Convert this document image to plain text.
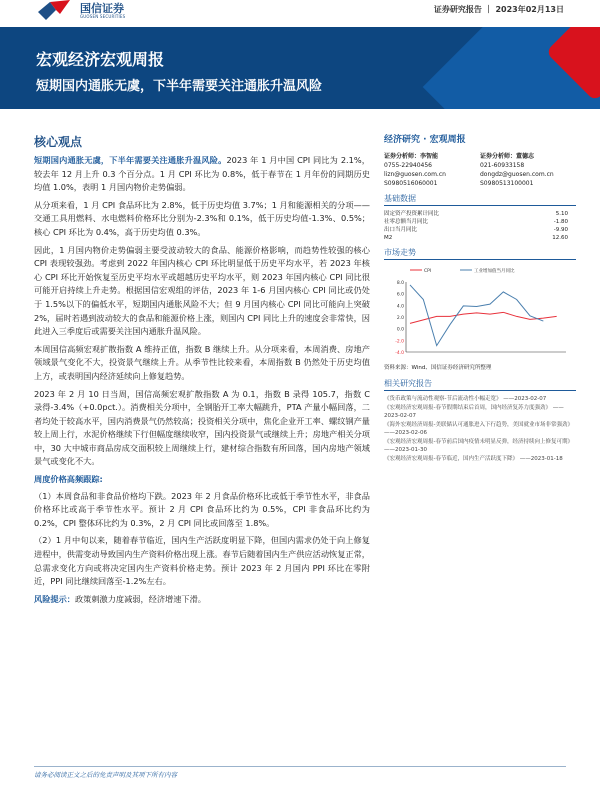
国信证券
GUOSEN SECURITIES
证券研究报告 ｜ 2023年02月13日
宏观经济宏观周报
短期国内通胀无虞，下半年需要关注通胀升温风险
核心观点

短期国内通胀无虞，下半年需要关注通胀升温风险。2023 年 1 月中国 CPI 同比为 2.1%，较去年 12 月上升 0.3 个百分点。1 月 CPI 环比为 0.8%，低于春节在 1 月年份的同期历史均值 1.0%，表明 1 月国内物价走势偏弱。

从分项来看，1 月 CPI 食品环比为 2.8%，低于历史均值 3.7%；1 月和能源相关的分项——交通工具用燃料、水电燃料价格环比分别为-2.3%和 0.1%，低于历史均值-1.3%、0.5%；核心 CPI 环比为 0.4%，高于历史均值 0.3%。

因此，1 月国内物价走势偏弱主要受波动较大的食品、能源价格影响，而趋势性较强的核心 CPI 表现较强劲。考虑到 2022 年国内核心 CPI 环比明显低于历史平均水平，若 2023 年核心 CPI 环比开始恢复至历史平均水平或超越历史平均水平，则 2023 年国内核心 CPI 同比很可能开启持续上升走势。根据国信宏观组的评估，2023 年 1-6 月国内核心 CPI 同比或仍处于 1.5%以下的偏低水平，短期国内通胀风险不大；但 9 月国内核心 CPI 同比可能向上突破 2%，届时若遇到波动较大的食品和能源价格上涨，则国内 CPI 同比上升的速度会非常快，因此进入三季度后或需要关注国内通胀升温风险。

本周国信高频宏观扩散指数 A 维持正值，指数 B 继续上升。从分项来看，本周消费、房地产领域景气变化不大，投资景气继续上升。从季节性比较来看，本周指数 B 仍然处于历史均值上方，或表明国内经济延续向上修复趋势。

2023 年 2 月 10 日当周，国信高频宏观扩散指数 A 为 0.1，指数 B 录得 105.7，指数 C 录得-3.4%（+0.0pct.）。消费相关分项中，全钢胎开工率大幅跳升，PTA 产量小幅回落，二者均处于较高水平，国内消费景气仍然较高；投资相关分项中，焦化企业开工率、螺纹钢产量较上周上行，水泥价格继续下行但幅度继续收窄，国内投资景气或继续上升；房地产相关分项中，30 大中城市商品房成交面积较上周继续上行，建材综合指数有所回落，国内房地产领域景气或变化不大。

周度价格高频跟踪:

（1）本周食品和非食品价格均下跌。2023 年 2 月食品价格环比或低于季节性水平，非食品价格环比或高于季节性水平。预计 2 月 CPI 食品环比约为 0.5%，CPI 非食品环比约为 0.2%，CPI 整体环比约为 0.3%，2 月 CPI 同比或回落至 1.8%。

（2）1 月中旬以来，随着春节临近，国内生产活跃度明显下降，但国内需求仍处于向上修复进程中，供需变动导致国内生产资料价格出现上涨。春节后随着国内生产供应活动恢复正常，总需求变化方向或将决定国内生产资料价格走势。预计 2023 年 2 月国内 PPI 环比在零附近，PPI 同比继续回落至-1.2%左右。

风险提示：政策刺激力度减弱，经济增速下滑。

经济研究 · 宏观周报
证券分析师：李智能
0755-22940456
lizn@guosen.com.cn
S0980516060001
证券分析师：董德志
021-60933158
dongdz@guosen.com.cn
S0980513100001
基础数据
固定资产投资累计同比	5.10
社零总额当月同比	-1.80
出口当月同比	-9.90
M2	12.60
市场走势
8.0
6.0
4.0
2.0
0.0
-2.0
-4.0
CPI	工业增加值当月同比
资料来源：Wind、国信证券经济研究所整理
相关研究报告
《货币政策与流动性观察-节后流动性小幅走宽》 ——2023-02-07
《宏观经济宏观周报-春节假期结束后首周，国内经济复苏力度强劲》 ——2023-02-07
《海外宏观经济周报-美联储认可通胀进入下行趋势，美国就业市场非常强劲》 ——2023-02-06
《宏观经济宏观周报-春节前后国内疫情未明显反弹，经济持续向上修复可期》 ——2023-01-30
《宏观经济宏观周报-春节临近，国内生产活跃度下降》 ——2023-01-18
请务必阅读正文之后的免责声明及其项下所有内容
